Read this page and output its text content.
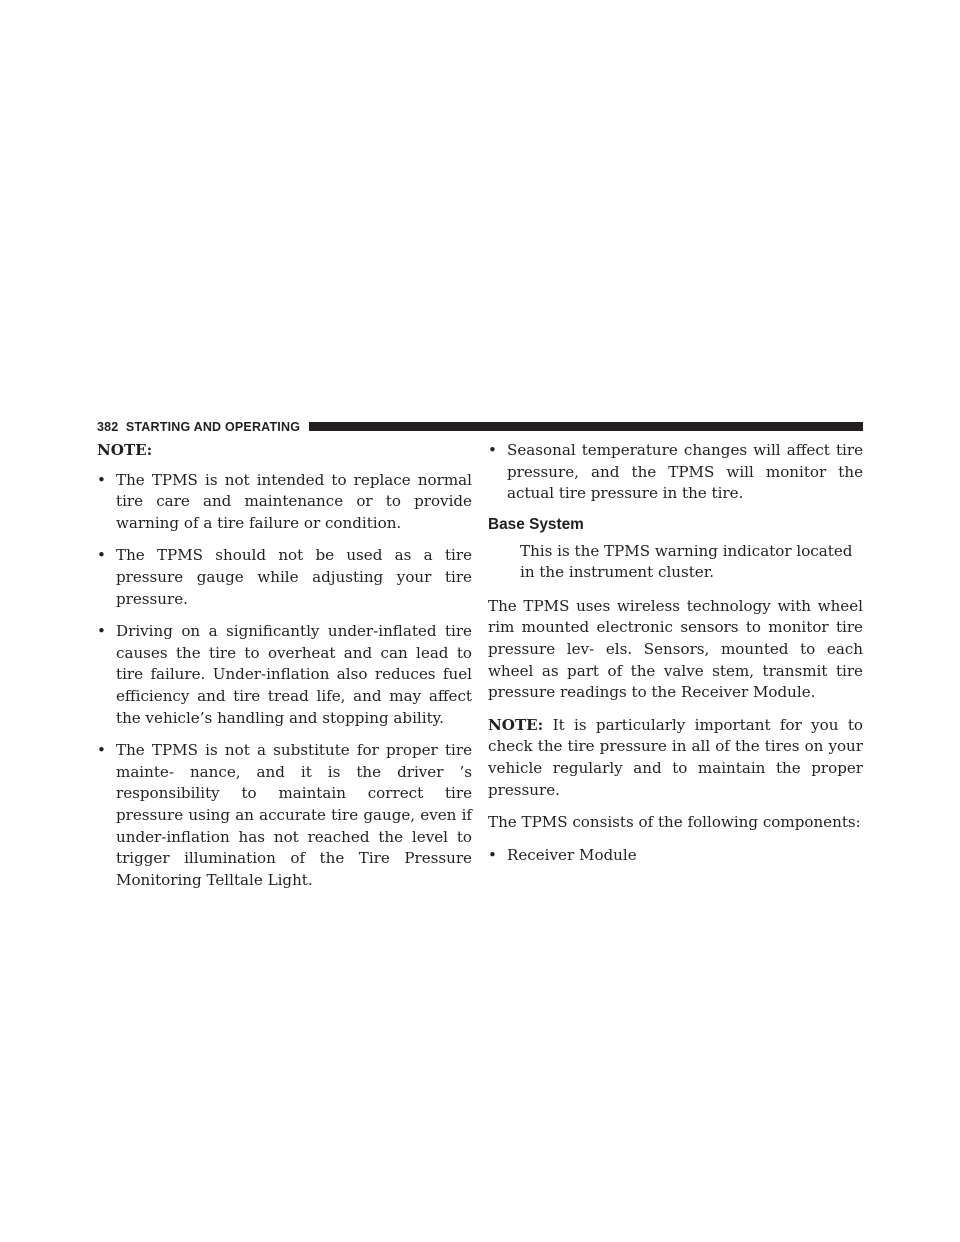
382 STARTING AND OPERATING
NOTE:
• The TPMS is not intended to replace normal tire care and maintenance or to provide warning of a tire failure or condition.
• The TPMS should not be used as a tire pressure gauge while adjusting your tire pressure.
• Driving on a significantly under-inflated tire causes the tire to overheat and can lead to tire failure. Under-inflation also reduces fuel efficiency and tire tread life, and may affect the vehicle’s handling and stopping ability.
• The TPMS is not a substitute for proper tire mainte- nance, and it is the driver ’s responsibility to maintain correct tire pressure using an accurate tire gauge, even if under-inflation has not reached the level to trigger illumination of the Tire Pressure Monitoring Telltale Light.
• Seasonal temperature changes will affect tire pressure, and the TPMS will monitor the actual tire pressure in the tire.
Base System
This is the TPMS warning indicator located in the instrument cluster.

The TPMS uses wireless technology with wheel rim mounted electronic sensors to monitor tire pressure lev- els. Sensors, mounted to each wheel as part of the valve stem, transmit tire pressure readings to the Receiver Module.

NOTE: It is particularly important for you to check the tire pressure in all of the tires on your vehicle regularly and to maintain the proper pressure.

The TPMS consists of the following components:

• Receiver Module
